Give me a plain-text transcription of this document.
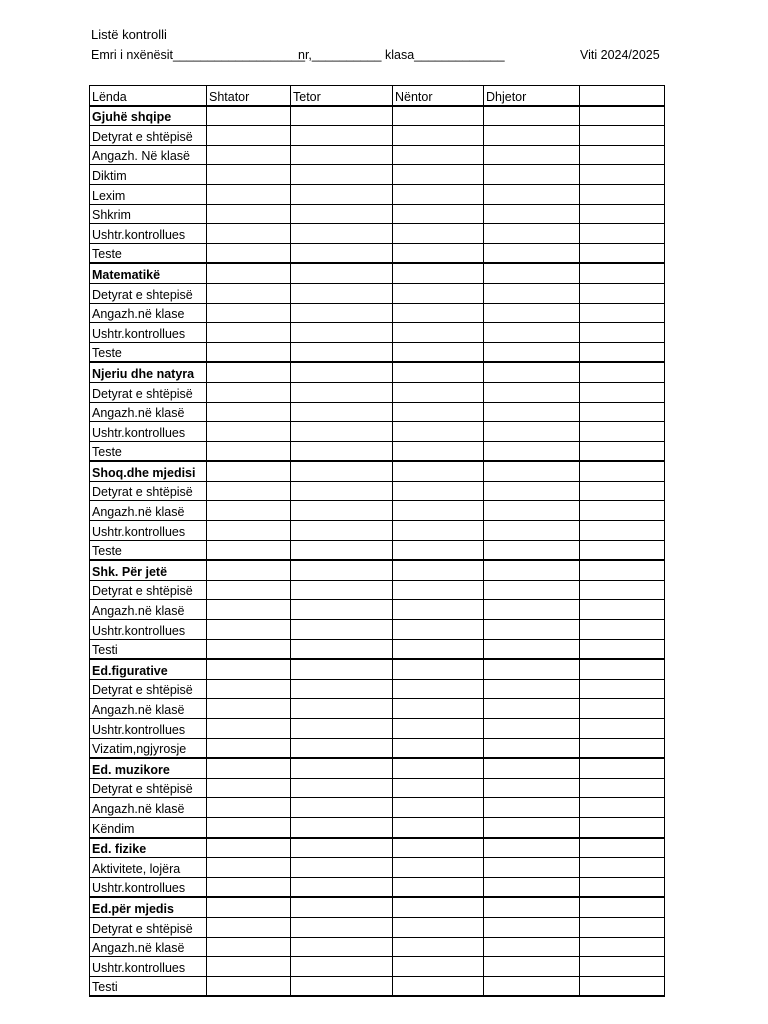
Listë kontrolli
Emri i nxënësit___________________
nr,__________ klasa_____________	Viti 2024/2025
Lënda	Shtator	Tetor	Nëntor	Dhjetor	
Gjuhë shqipe					
Detyrat e shtëpisë					
Angazh. Në klasë					
Diktim					
Lexim					
Shkrim					
Ushtr.kontrollues					
Teste					
Matematikë					
Detyrat e shtepisë					
Angazh.në klase					
Ushtr.kontrollues					
Teste					
Njeriu dhe natyra					
Detyrat e shtëpisë					
Angazh.në klasë					
Ushtr.kontrollues					
Teste					
Shoq.dhe mjedisi					
Detyrat e shtëpisë					
Angazh.në klasë					
Ushtr.kontrollues					
Teste					
Shk. Për jetë					
Detyrat e shtëpisë					
Angazh.në klasë					
Ushtr.kontrollues					
Testi					
Ed.figurative					
Detyrat e shtëpisë					
Angazh.në klasë					
Ushtr.kontrollues					
Vizatim,ngjyrosje					
Ed. muzikore					
Detyrat e shtëpisë					
Angazh.në klasë					
Këndim					
Ed. fizike					
Aktivitete, lojëra					
Ushtr.kontrollues					
Ed.për mjedis					
Detyrat e shtëpisë					
Angazh.në klasë					
Ushtr.kontrollues					
Testi					
